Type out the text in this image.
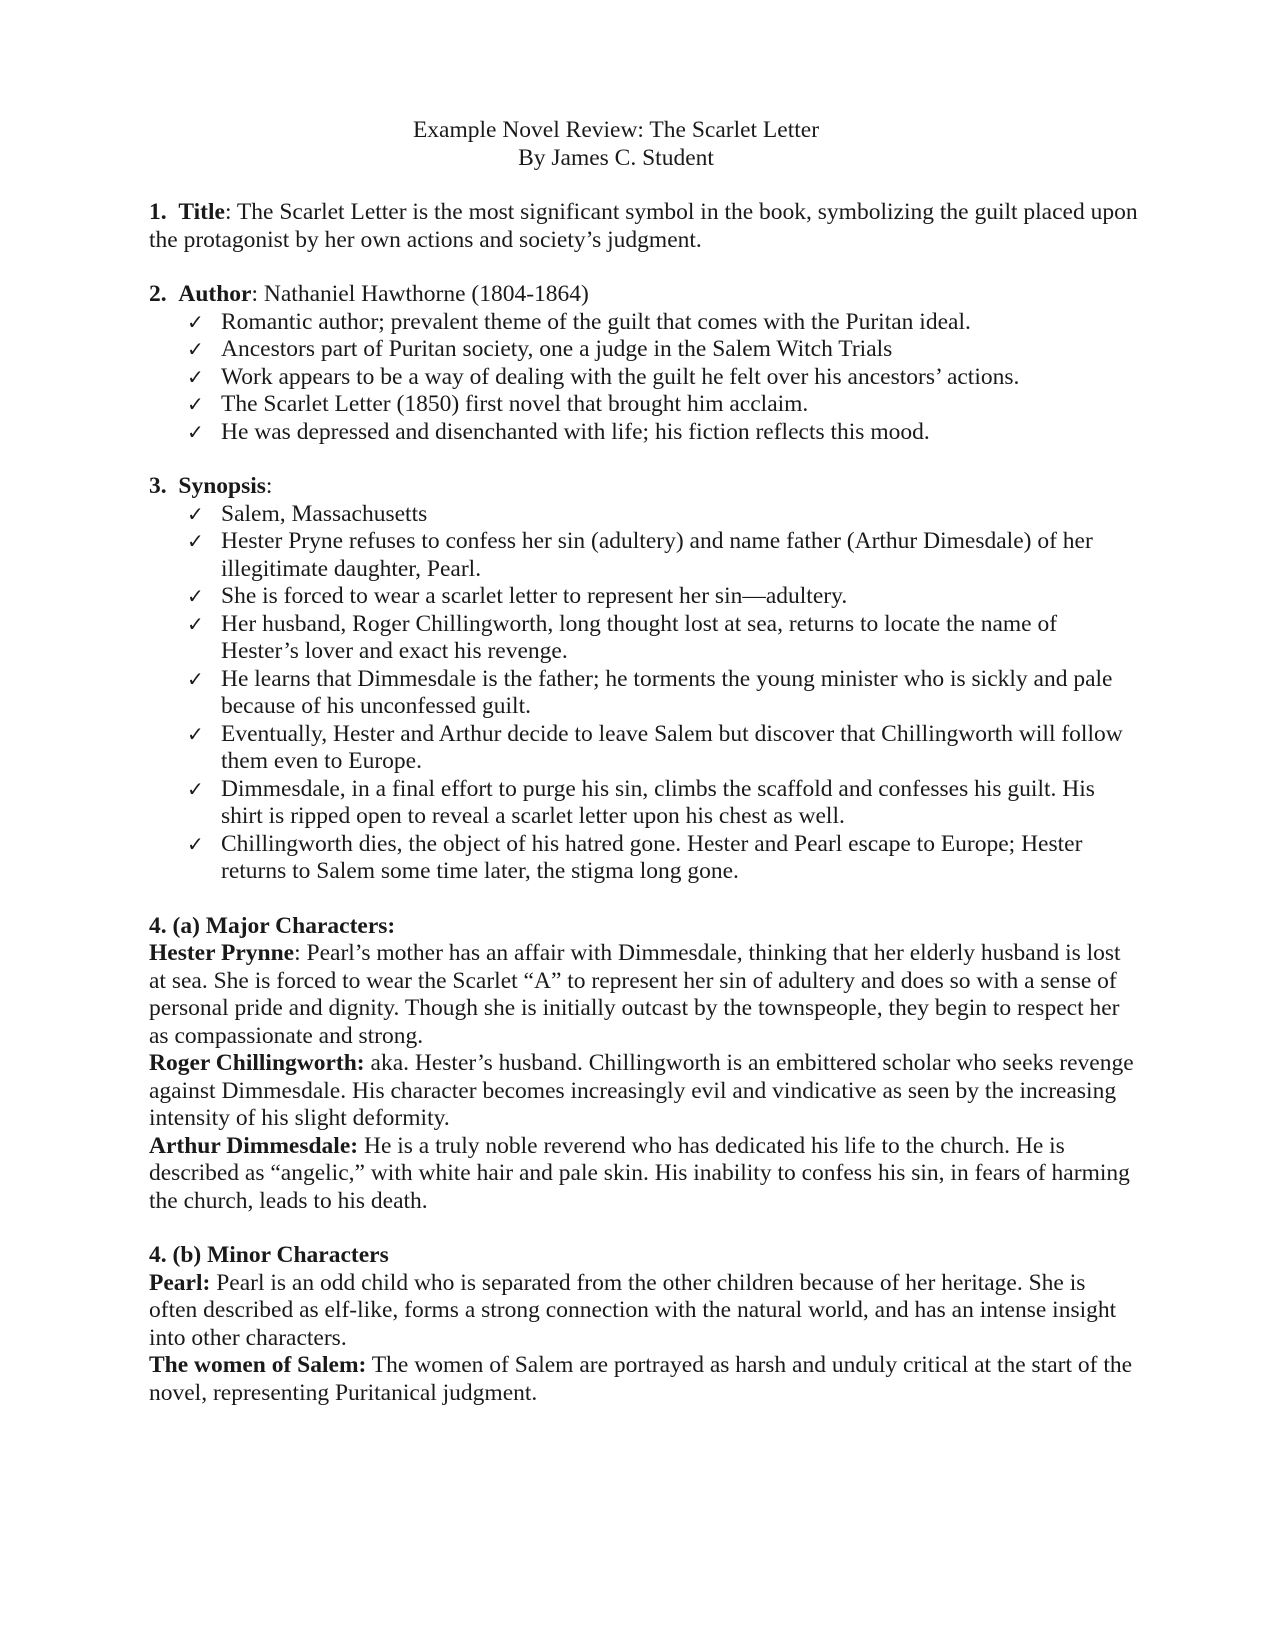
Example Novel Review: The Scarlet Letter
By James C. Student

1. Title: The Scarlet Letter is the most significant symbol in the book, symbolizing the guilt placed upon the protagonist by her own actions and society’s judgment.

2. Author: Nathaniel Hawthorne (1804-1864)

✓ Romantic author; prevalent theme of the guilt that comes with the Puritan ideal.
✓ Ancestors part of Puritan society, one a judge in the Salem Witch Trials
✓ Work appears to be a way of dealing with the guilt he felt over his ancestors’ actions.
✓ The Scarlet Letter (1850) first novel that brought him acclaim.
✓ He was depressed and disenchanted with life; his fiction reflects this mood.

3. Synopsis:

✓ Salem, Massachusetts
✓ Hester Pryne refuses to confess her sin (adultery) and name father (Arthur Dimesdale) of her illegitimate daughter, Pearl.
✓ She is forced to wear a scarlet letter to represent her sin—adultery.
✓ Her husband, Roger Chillingworth, long thought lost at sea, returns to locate the name of Hester’s lover and exact his revenge.
✓ He learns that Dimmesdale is the father; he torments the young minister who is sickly and pale because of his unconfessed guilt.
✓ Eventually, Hester and Arthur decide to leave Salem but discover that Chillingworth will follow them even to Europe.
✓ Dimmesdale, in a final effort to purge his sin, climbs the scaffold and confesses his guilt. His shirt is ripped open to reveal a scarlet letter upon his chest as well.
✓ Chillingworth dies, the object of his hatred gone. Hester and Pearl escape to Europe; Hester returns to Salem some time later, the stigma long gone.

4. (a) Major Characters:

Hester Prynne: Pearl’s mother has an affair with Dimmesdale, thinking that her elderly husband is lost at sea. She is forced to wear the Scarlet “A” to represent her sin of adultery and does so with a sense of personal pride and dignity. Though she is initially outcast by the townspeople, they begin to respect her as compassionate and strong.

Roger Chillingworth: aka. Hester’s husband. Chillingworth is an embittered scholar who seeks revenge against Dimmesdale. His character becomes increasingly evil and vindicative as seen by the increasing intensity of his slight deformity.

Arthur Dimmesdale: He is a truly noble reverend who has dedicated his life to the church. He is described as “angelic,” with white hair and pale skin. His inability to confess his sin, in fears of harming the church, leads to his death.

4. (b) Minor Characters

Pearl: Pearl is an odd child who is separated from the other children because of her heritage. She is often described as elf-like, forms a strong connection with the natural world, and has an intense insight into other characters.

The women of Salem: The women of Salem are portrayed as harsh and unduly critical at the start of the novel, representing Puritanical judgment.
